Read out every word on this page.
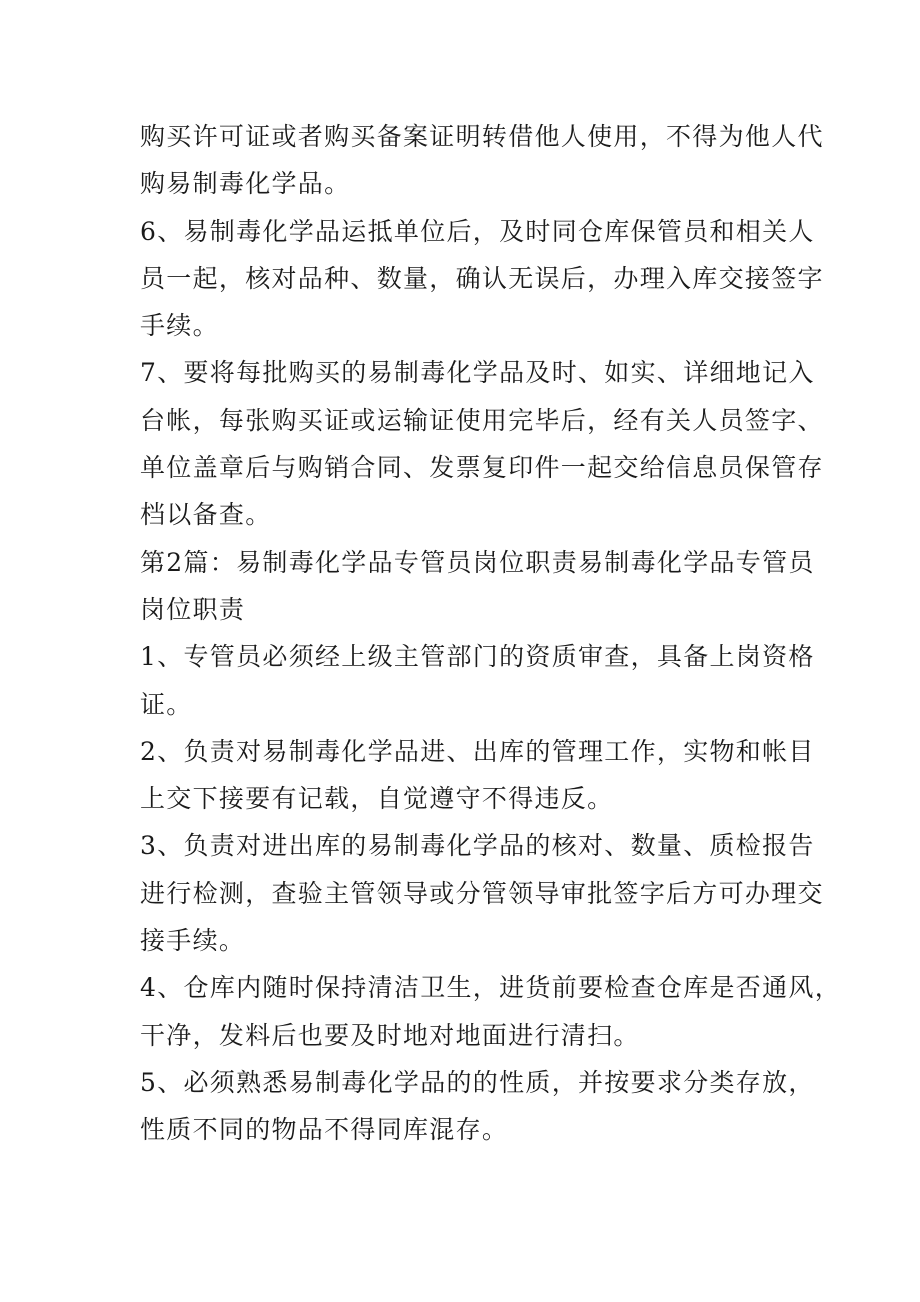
购买许可证或者购买备案证明转借他人使用，不得为他人代
购易制毒化学品。
6、易制毒化学品运抵单位后，及时同仓库保管员和相关人
员一起，核对品种、数量，确认无误后，办理入库交接签字
手续。
7、要将每批购买的易制毒化学品及时、如实、详细地记入
台帐，每张购买证或运输证使用完毕后，经有关人员签字、
单位盖章后与购销合同、发票复印件一起交给信息员保管存
档以备查。
第2篇：易制毒化学品专管员岗位职责易制毒化学品专管员
岗位职责
1、专管员必须经上级主管部门的资质审查，具备上岗资格
证。
2、负责对易制毒化学品进、出库的管理工作，实物和帐目
上交下接要有记载，自觉遵守不得违反。
3、负责对进出库的易制毒化学品的核对、数量、质检报告
进行检测，查验主管领导或分管领导审批签字后方可办理交
接手续。
4、仓库内随时保持清洁卫生，进货前要检查仓库是否通风，
干净，发料后也要及时地对地面进行清扫。
5、必须熟悉易制毒化学品的的性质，并按要求分类存放，
性质不同的物品不得同库混存。
